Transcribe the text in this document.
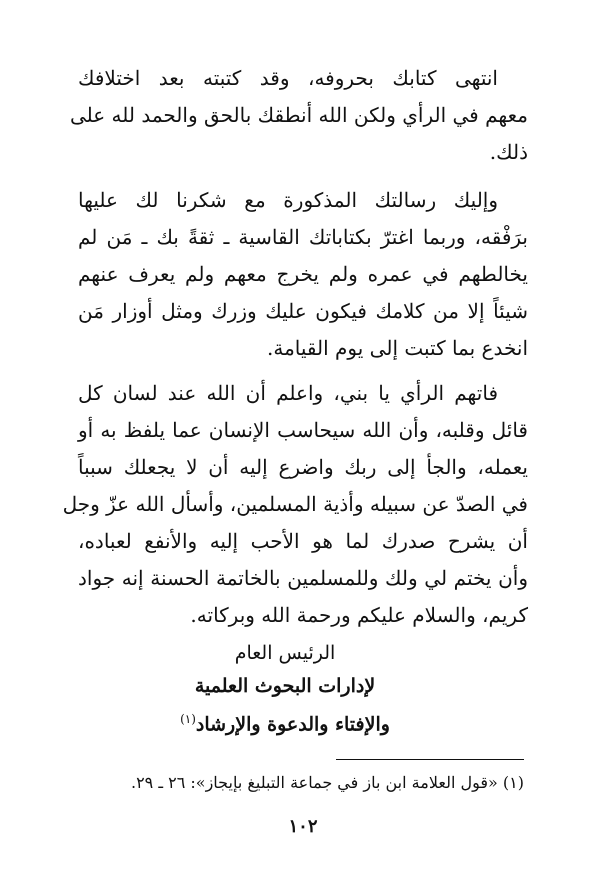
انتهى كتابك بحروفه، وقد كتبته بعد اختلافك
معهم في الرأي ولكن الله أنطقك بالحق والحمد لله على
ذلك.
وإليك رسالتك المذكورة مع شكرنا لك عليها
برَفْقه، وربما اغترّ بكتاباتك القاسية ـ ثقةً بك ـ مَن لم
يخالطهم في عمره ولم يخرج معهم ولم يعرف عنهم
شيئاً إلا من كلامك فيكون عليك وزرك ومثل أوزار مَن
انخدع بما كتبت إلى يوم القيامة.
فاتهم الرأي يا بني، واعلم أن الله عند لسان كل
قائل وقلبه، وأن الله سيحاسب الإنسان عما يلفظ به أو
يعمله، والجأ إلى ربك واضرع إليه أن لا يجعلك سبباً
في الصدّ عن سبيله وأذية المسلمين، وأسأل الله عزّ وجل
أن يشرح صدرك لما هو الأحب إليه والأنفع لعباده،
وأن يختم لي ولك وللمسلمين بالخاتمة الحسنة إنه جواد
كريم، والسلام عليكم ورحمة الله وبركاته.
الرئيس العام
لإدارات البحوث العلمية
والإفتاء والدعوة والإرشاد$^{(١)}$
(١) «قول العلامة ابن باز في جماعة التبليغ بإيجاز»: ٢٦ ـ ٢٩.
١٠٢
